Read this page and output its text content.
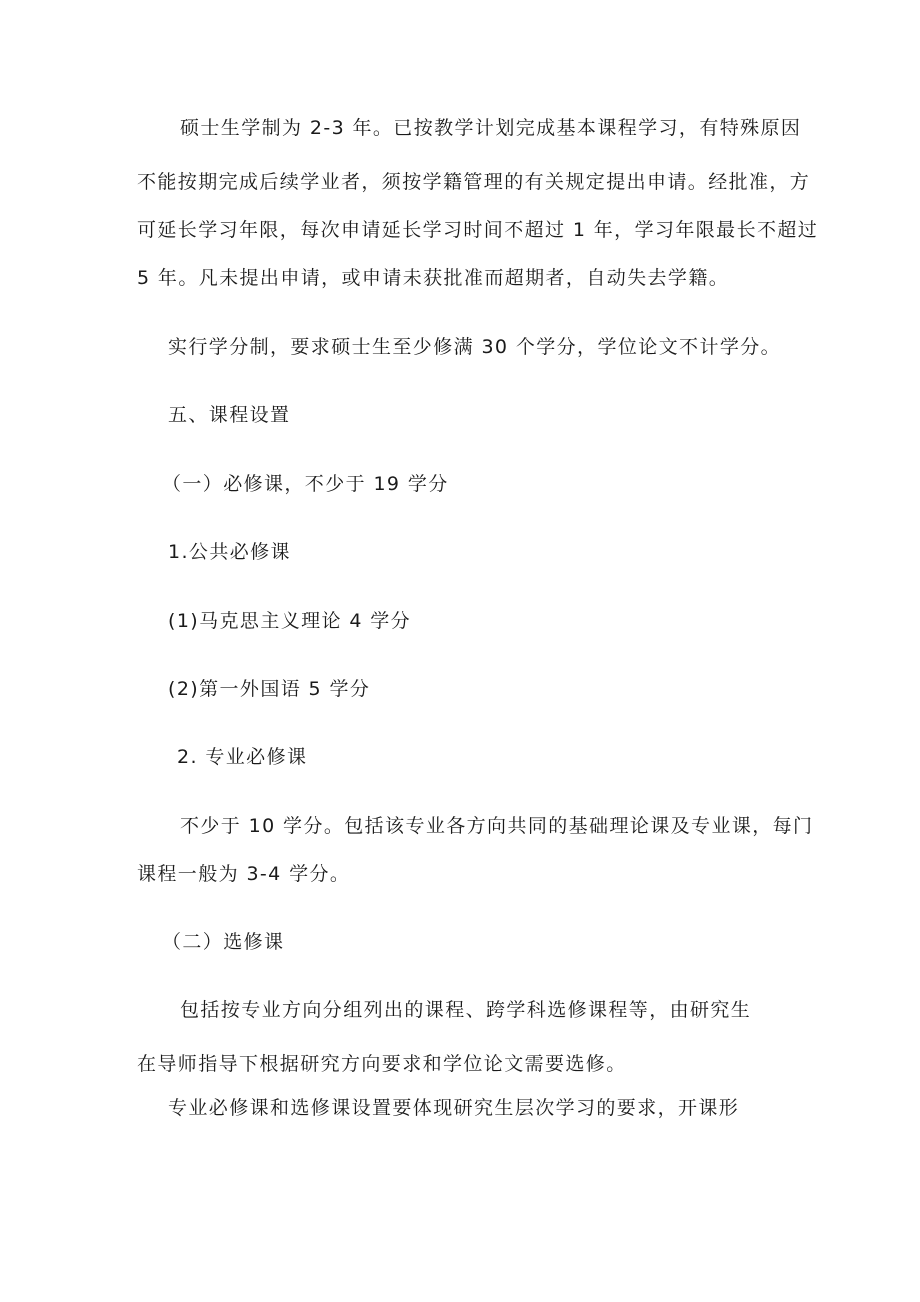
硕士生学制为 2-3 年。已按教学计划完成基本课程学习，有特殊原因
不能按期完成后续学业者，须按学籍管理的有关规定提出申请。经批准，方
可延长学习年限，每次申请延长学习时间不超过 1 年，学习年限最长不超过
5 年。凡未提出申请，或申请未获批准而超期者，自动失去学籍。
实行学分制，要求硕士生至少修满 30 个学分，学位论文不计学分。
五、课程设置
（一）必修课，不少于 19 学分
1.公共必修课
(1)马克思主义理论 4 学分
(2)第一外国语 5 学分
2. 专业必修课
不少于 10 学分。包括该专业各方向共同的基础理论课及专业课，每门
课程一般为 3-4 学分。
（二）选修课
包括按专业方向分组列出的课程、跨学科选修课程等，由研究生
在导师指导下根据研究方向要求和学位论文需要选修。
专业必修课和选修课设置要体现研究生层次学习的要求，开课形
